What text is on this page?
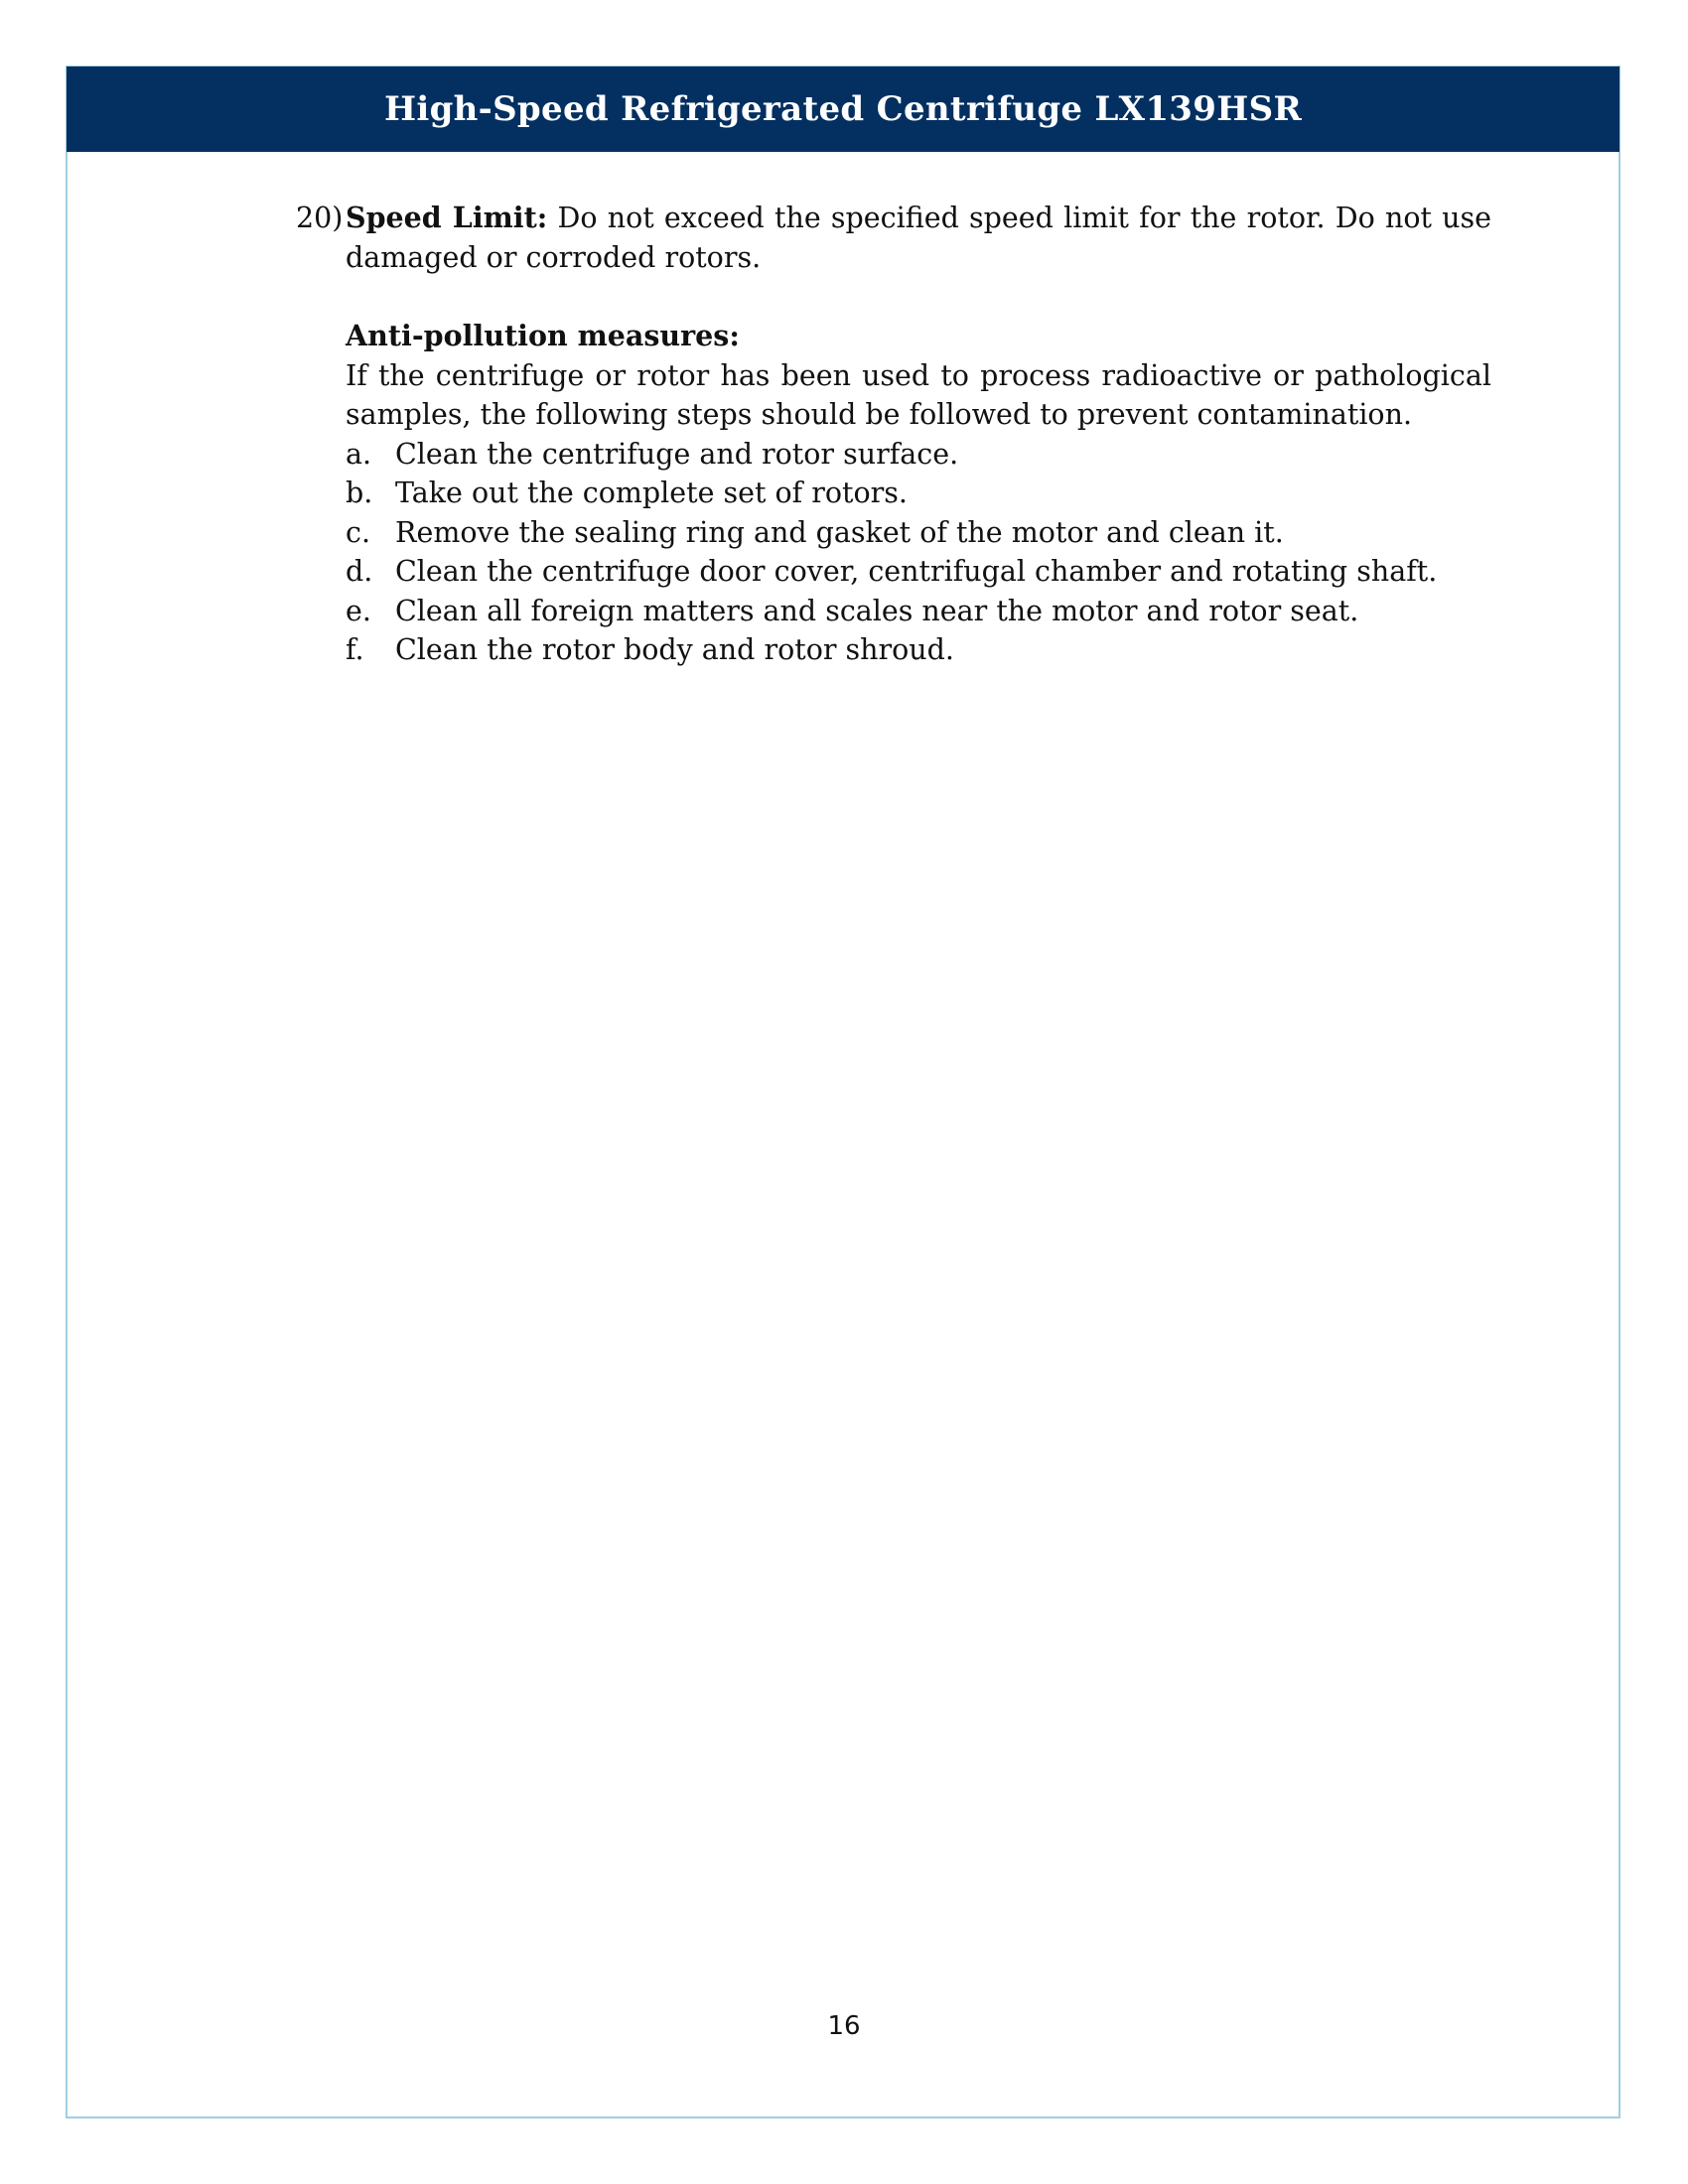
High-Speed Refrigerated Centrifuge LX139HSR
20) Speed Limit: Do not exceed the specified speed limit for the rotor. Do not use damaged or corroded rotors.
Anti-pollution measures:
If the centrifuge or rotor has been used to process radioactive or pathological samples, the following steps should be followed to prevent contamination.
a. Clean the centrifuge and rotor surface.
b. Take out the complete set of rotors.
c. Remove the sealing ring and gasket of the motor and clean it.
d. Clean the centrifuge door cover, centrifugal chamber and rotating shaft.
e. Clean all foreign matters and scales near the motor and rotor seat.
f. Clean the rotor body and rotor shroud.
16
